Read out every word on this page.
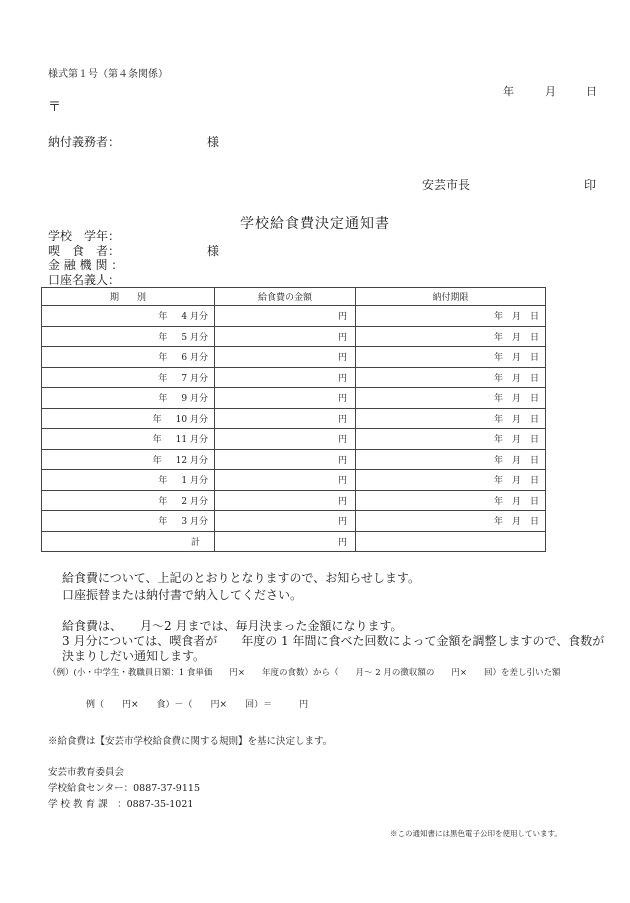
様式第１号（第４条関係）
年	月	日
〒
納付義務者：	様
安芸市長	印
学校給食費決定通知書
学校　学年：
喫　食　者：
金 融 機 関 ：
口座名義人：
様
期　　別	給食費の金額	納付期限
年 4 月分	円	年　月　日
年 5 月分	円	年　月　日
年 6 月分	円	年　月　日
年 7 月分	円	年　月　日
年 9 月分	円	年　月　日
年 10 月分	円	年　月　日
年 11 月分	円	年　月　日
年 12 月分	円	年　月　日
年 1 月分	円	年　月　日
年 2 月分	円	年　月　日
年 3 月分	円	年　月　日
計	円	
給食費について、上記のとおりとなりますので、お知らせします。
口座振替または納付書で納入してください。
給食費は、　　月～2 月までは、毎月決まった金額になります。
3 月分については、喫食者が　　年度の 1 年間に食べた回数によって金額を調整しますので、食数が決まりしだい通知します。
（例）(小・中学生・教職員日額：1 食単価　　円×　　年度の食数）から（　　月～ 2 月の徴収額の　　円×　　回）を差し引いた額
例（　　円×　　食）－（　　円×　　回）＝　　　円
※給食費は【安芸市学校給食費に関する規則】を基に決定します。
安芸市教育委員会
学校給食センター：0887-37-9115
学 校 教 育 課　：0887-35-1021
※この通知書には黒色電子公印を使用しています。
